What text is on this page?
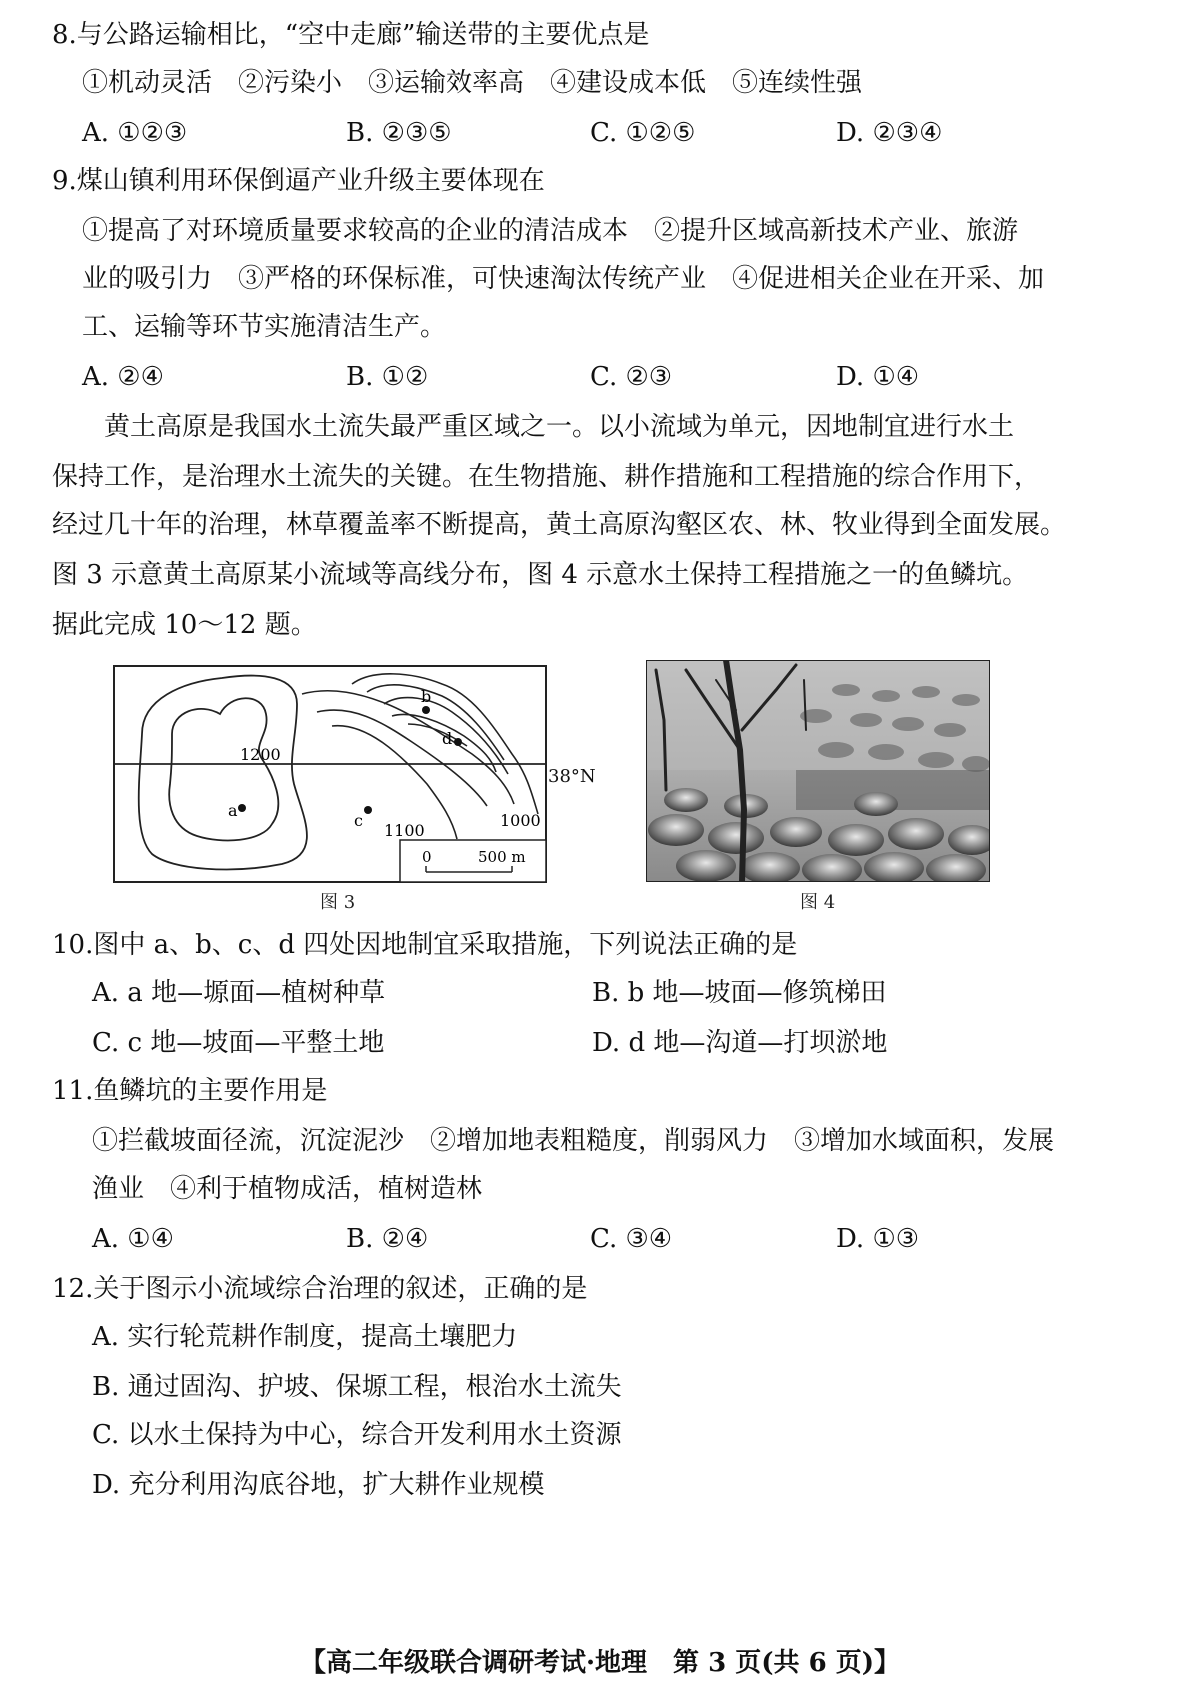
8.与公路运输相比，“空中走廊”输送带的主要优点是
①机动灵活　②污染小　③运输效率高　④建设成本低　⑤连续性强
A. ①②③	B. ②③⑤	C. ①②⑤	D. ②③④
9.煤山镇利用环保倒逼产业升级主要体现在
①提高了对环境质量要求较高的企业的清洁成本　②提升区域高新技术产业、旅游
业的吸引力　③严格的环保标准，可快速淘汰传统产业　④促进相关企业在开采、加
工、运输等环节实施清洁生产。
A. ②④	B. ①②	C. ②③	D. ①④
　　黄土高原是我国水土流失最严重区域之一。以小流域为单元，因地制宜进行水土
保持工作，是治理水土流失的关键。在生物措施、耕作措施和工程措施的综合作用下，
经过几十年的治理，林草覆盖率不断提高，黄土高原沟壑区农、林、牧业得到全面发展。
图 3 示意黄土高原某小流域等高线分布，图 4 示意水土保持工程措施之一的鱼鳞坑。
据此完成 10～12 题。
a
b
c
d
1200
1100
1000
0	500 m
38°N
图 3	图 4
10.图中 a、b、c、d 四处因地制宜采取措施，下列说法正确的是
A. a 地—塬面—植树种草	B. b 地—坡面—修筑梯田
C. c 地—坡面—平整土地	D. d 地—沟道—打坝淤地
11.鱼鳞坑的主要作用是
①拦截坡面径流，沉淀泥沙　②增加地表粗糙度，削弱风力　③增加水域面积，发展
渔业　④利于植物成活，植树造林
A. ①④	B. ②④	C. ③④	D. ①③
12.关于图示小流域综合治理的叙述，正确的是
A. 实行轮荒耕作制度，提高土壤肥力
B. 通过固沟、护坡、保塬工程，根治水土流失
C. 以水土保持为中心，综合开发利用水土资源
D. 充分利用沟底谷地，扩大耕作业规模
【高二年级联合调研考试·地理　第 3 页(共 6 页)】
